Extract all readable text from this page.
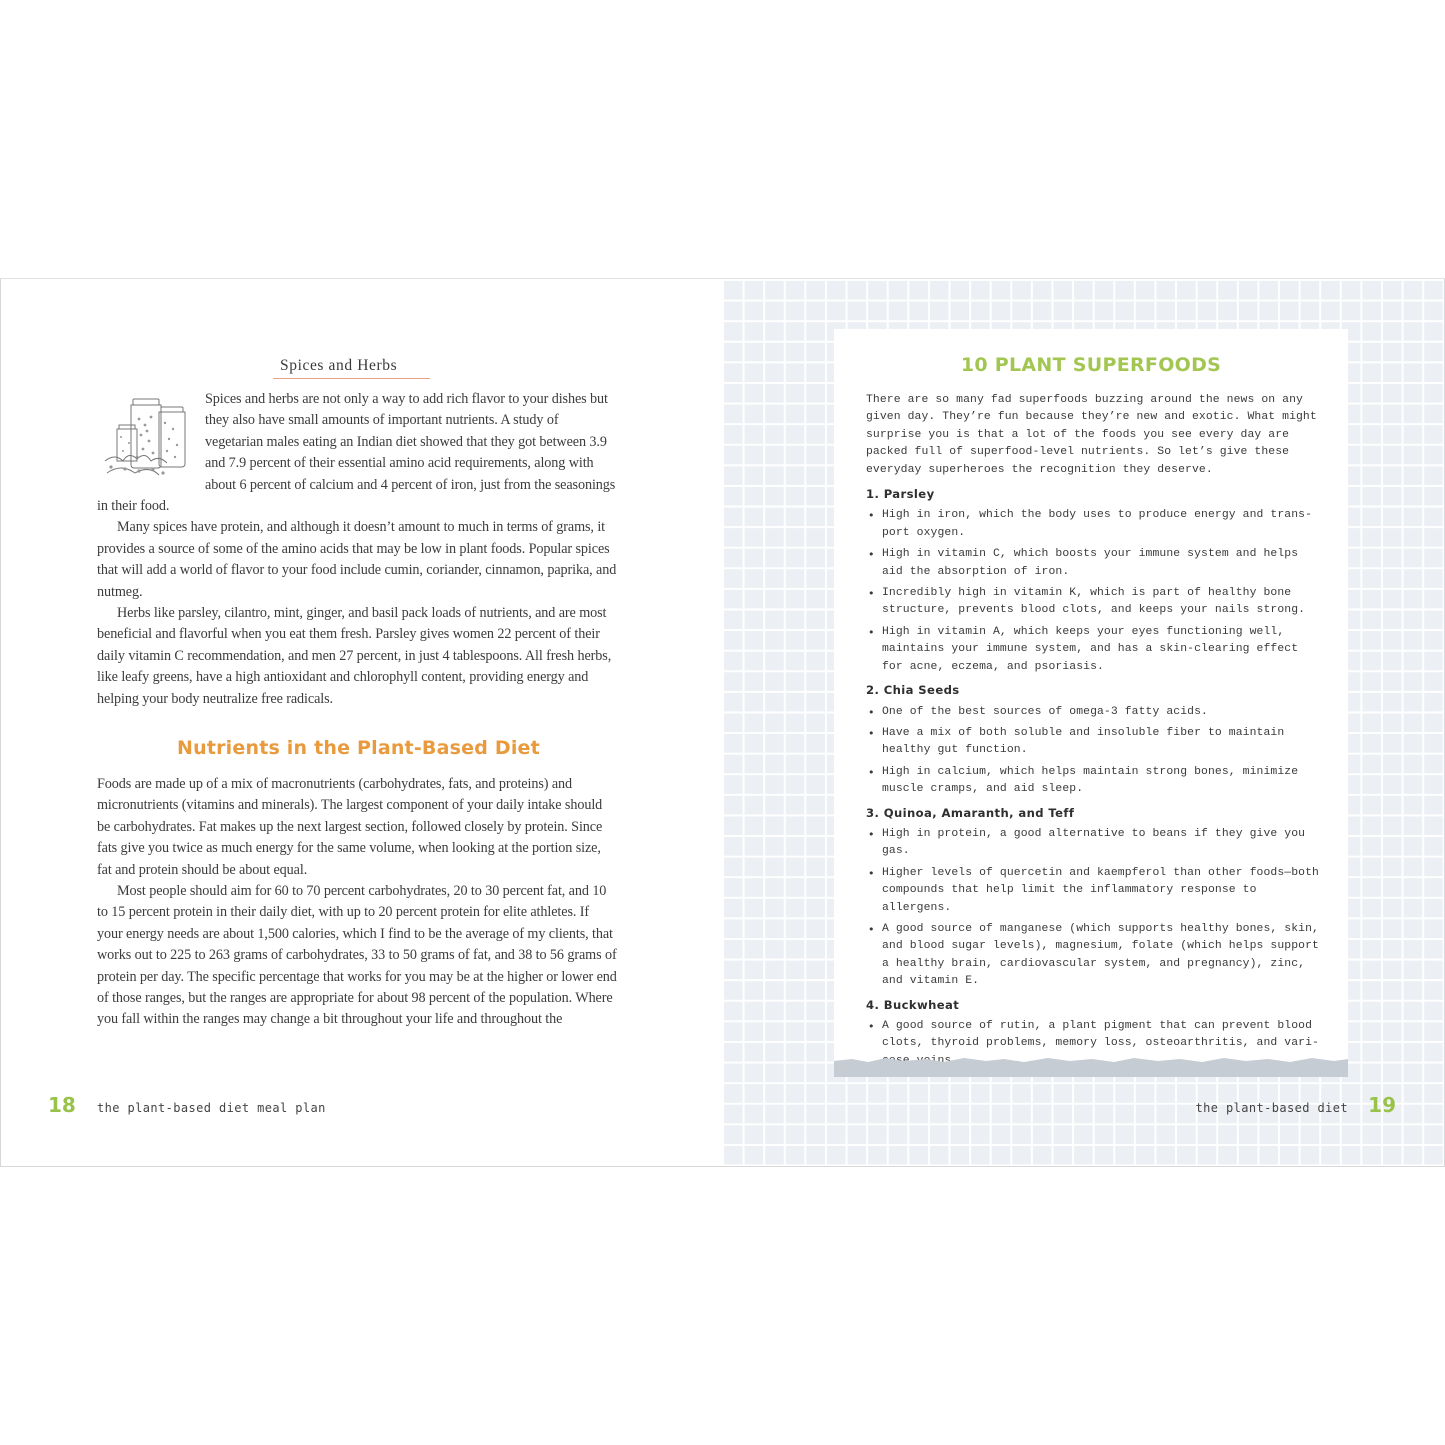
Spices and Herbs

Spices and herbs are not only a way to add rich flavor to your dishes but they also have small amounts of important nutrients. A study of vegetarian males eating an Indian diet showed that they got between 3.9 and 7.9 percent of their essential amino acid requirements, along with about 6 percent of calcium and 4 percent of iron, just from the seasonings in their food.

Many spices have protein, and although it doesn’t amount to much in terms of grams, it provides a source of some of the amino acids that may be low in plant foods. Popular spices that will add a world of flavor to your food include cumin, coriander, cinnamon, paprika, and nutmeg.

Herbs like parsley, cilantro, mint, ginger, and basil pack loads of nutrients, and are most beneficial and flavorful when you eat them fresh. Parsley gives women 22 percent of their daily vitamin C recommendation, and men 27 percent, in just 4 tablespoons. All fresh herbs, like leafy greens, have a high antioxidant and chlorophyll content, providing energy and helping your body neutralize free radicals.

Nutrients in the Plant-Based Diet

Foods are made up of a mix of macronutrients (carbohydrates, fats, and proteins) and micronutrients (vitamins and minerals). The largest component of your daily intake should be carbohydrates. Fat makes up the next largest section, followed closely by protein. Since fats give you twice as much energy for the same volume, when looking at the portion size, fat and protein should be about equal.

Most people should aim for 60 to 70 percent carbohydrates, 20 to 30 percent fat, and 10 to 15 percent protein in their daily diet, with up to 20 percent protein for elite athletes. If your energy needs are about 1,500 calories, which I find to be the average of my clients, that works out to 225 to 263 grams of carbohydrates, 33 to 50 grams of fat, and 38 to 56 grams of protein per day. The specific percentage that works for you may be at the higher or lower end of those ranges, but the ranges are appropriate for about 98 percent of the population. Where you fall within the ranges may change a bit throughout your life and throughout the

18 the plant-based diet meal plan
10 PLANT SUPERFOODS

There are so many fad superfoods buzzing around the news on any given day. They’re fun because they’re new and exotic. What might surprise you is that a lot of the foods you see every day are packed full of superfood-level nutrients. So let’s give these everyday superheroes the recognition they deserve.

1. Parsley
• High in iron, which the body uses to produce energy and transport oxygen.
• High in vitamin C, which boosts your immune system and helps aid the absorption of iron.
• Incredibly high in vitamin K, which is part of healthy bone structure, prevents blood clots, and keeps your nails strong.
• High in vitamin A, which keeps your eyes functioning well, maintains your immune system, and has a skin-clearing effect for acne, eczema, and psoriasis.
2. Chia Seeds
• One of the best sources of omega-3 fatty acids.
• Have a mix of both soluble and insoluble fiber to maintain healthy gut function.
• High in calcium, which helps maintain strong bones, minimize muscle cramps, and aid sleep.
3. Quinoa, Amaranth, and Teff
• High in protein, a good alternative to beans if they give you gas.
• Higher levels of quercetin and kaempferol than other foods—both compounds that help limit the inflammatory response to allergens.
• A good source of manganese (which supports healthy bones, skin, and blood sugar levels), magnesium, folate (which helps support a healthy brain, cardiovascular system, and pregnancy), zinc, and vitamin E.
4. Buckwheat
• A good source of rutin, a plant pigment that can prevent blood clots, thyroid problems, memory loss, osteoarthritis, and vari veins.
the plant-based diet 19
